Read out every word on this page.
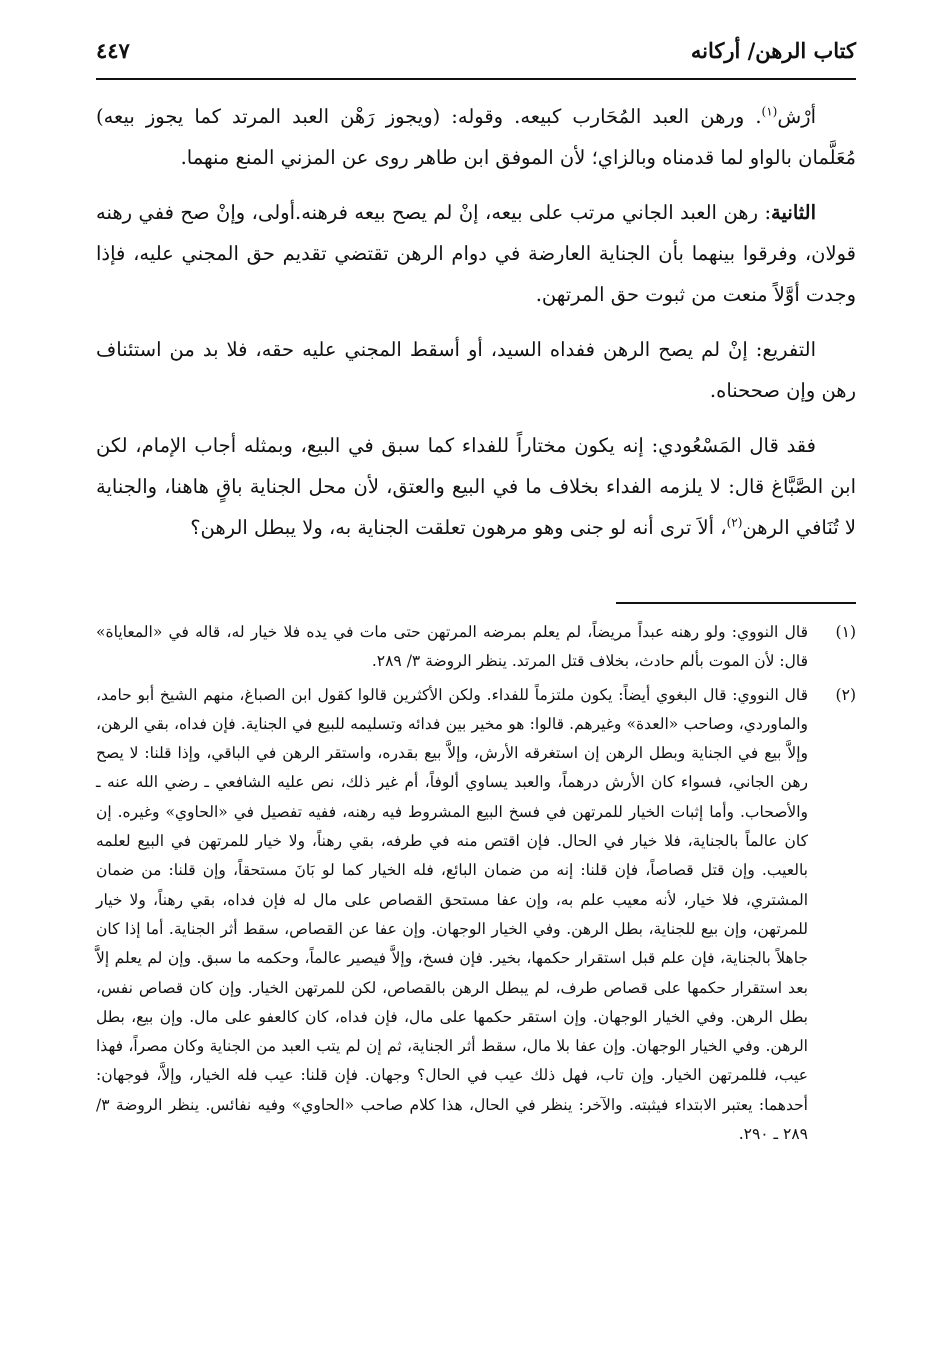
كتاب الرهن/ أركانه
٤٤٧

أرْش$^{(١)}$. ورهن العبد المُحَارب كبيعه. وقوله: (ويجوز رَهْن العبد المرتد كما يجوز بيعه) مُعَلَّمان بالواو لما قدمناه وبالزاي؛ لأن الموفق ابن طاهر روى عن المزني المنع منهما.

الثانية: رهن العبد الجاني مرتب على بيعه، إنْ لم يصح بيعه فرهنه.أولى، وإنْ صح ففي رهنه قولان، وفرقوا بينهما بأن الجناية العارضة في دوام الرهن تقتضي تقديم حق المجني عليه، فإذا وجدت أوَّلاً منعت من ثبوت حق المرتهن.

التفريع: إنْ لم يصح الرهن ففداه السيد، أو أسقط المجني عليه حقه، فلا بد من استئناف رهن وإن صححناه.

فقد قال المَسْعُودي: إنه يكون مختاراً للفداء كما سبق في البيع، وبمثله أجاب الإمام، لكن ابن الصَّبَّاغ قال: لا يلزمه الفداء بخلاف ما في البيع والعتق، لأن محل الجناية باقٍ هاهنا، والجناية لا تُنَافي الرهن$^{(٢)}$، ألاَ ترى أنه لو جنى وهو مرهون تعلقت الجناية به، ولا يبطل الرهن؟

(١)
قال النووي: ولو رهنه عبداً مريضاً، لم يعلم بمرضه المرتهن حتى مات في يده فلا خيار له، قاله في «المعاياة» قال: لأن الموت بألم حادث، بخلاف قتل المرتد. ينظر الروضة ٣/ ٢٨٩.
(٢)
قال النووي: قال البغوي أيضاً: يكون ملتزماً للفداء. ولكن الأكثرين قالوا كقول ابن الصباغ، منهم الشيخ أبو حامد، والماوردي، وصاحب «العدة» وغيرهم. قالوا: هو مخير بين فدائه وتسليمه للبيع في الجناية. فإن فداه، بقي الرهن، وإلاَّ بيع في الجناية وبطل الرهن إن استغرقه الأرش، وإلاَّ بيع بقدره، واستقر الرهن في الباقي، وإذا قلنا: لا يصح رهن الجاني، فسواء كان الأرش درهماً، والعبد يساوي ألوفاً، أم غير ذلك، نص عليه الشافعي ـ رضي الله عنه ـ والأصحاب. وأما إثبات الخيار للمرتهن في فسخ البيع المشروط فيه رهنه، ففيه تفصيل في «الحاوي» وغيره. إن كان عالماً بالجناية، فلا خيار في الحال. فإن اقتص منه في طرفه، بقي رهناً، ولا خيار للمرتهن في البيع لعلمه بالعيب. وإن قتل قصاصاً، فإن قلنا: إنه من ضمان البائع، فله الخيار كما لو بَانَ مستحقاً، وإن قلنا: من ضمان المشتري، فلا خيار، لأنه معيب علم به، وإن عفا مستحق القصاص على مال له فإن فداه، بقي رهناً، ولا خيار للمرتهن، وإن بيع للجناية، بطل الرهن. وفي الخيار الوجهان. وإن عفا عن القصاص، سقط أثر الجناية. أما إذا كان جاهلاً بالجناية، فإن علم قبل استقرار حكمها، بخير. فإن فسخ، وإلاَّ فيصير عالماً، وحكمه ما سبق. وإن لم يعلم إلاَّ بعد استقرار حكمها على قصاص طرف، لم يبطل الرهن بالقصاص، لكن للمرتهن الخيار. وإن كان قصاص نفس، بطل الرهن. وفي الخيار الوجهان. وإن استقر حكمها على مال، فإن فداه، كان كالعفو على مال. وإن بيع، بطل الرهن. وفي الخيار الوجهان. وإن عفا بلا مال، سقط أثر الجناية، ثم إن لم يتب العبد من الجناية وكان مصراً، فهذا عيب، فللمرتهن الخيار. وإن تاب، فهل ذلك عيب في الحال؟ وجهان. فإن قلنا: عيب فله الخيار، وإلاَّ، فوجهان: أحدهما: يعتبر الابتداء فيثبته. والآخر: ينظر في الحال، هذا كلام صاحب «الحاوي» وفيه نفائس. ينظر الروضة ٣/ ٢٨٩ ـ ٢٩٠.
